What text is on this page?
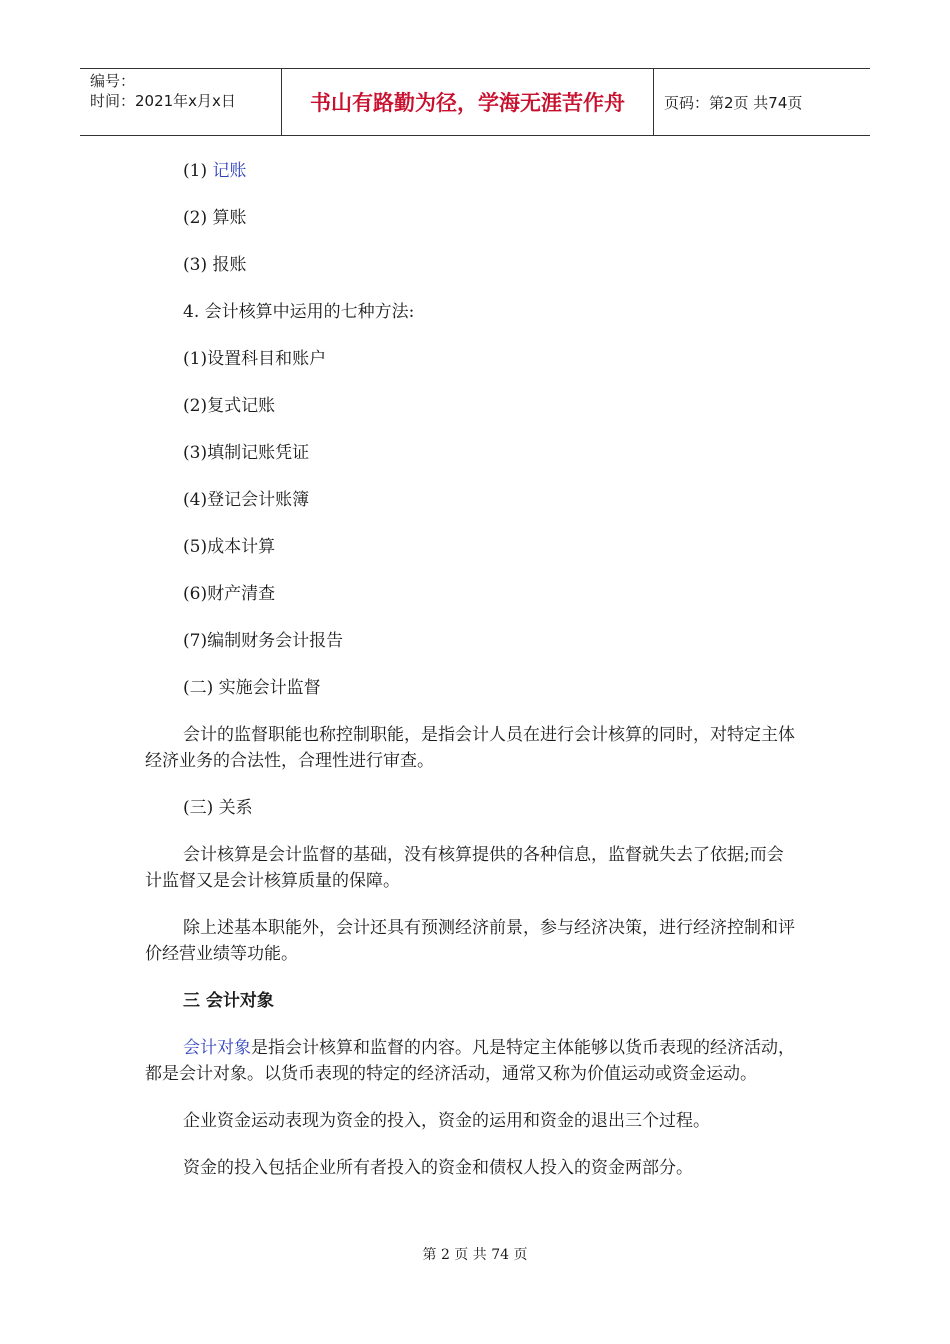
编号：
时间：2021年x月x日	书山有路勤为径，学海无涯苦作舟	页码：第2页 共74页

(1) 记账

(2) 算账

(3) 报账

4. 会计核算中运用的七种方法:

(1)设置科目和账户

(2)复式记账

(3)填制记账凭证

(4)登记会计账簿

(5)成本计算

(6)财产清查

(7)编制财务会计报告

(二) 实施会计监督

会计的监督职能也称控制职能，是指会计人员在进行会计核算的同时，对特定主体经济业务的合法性，合理性进行审查。

(三) 关系

会计核算是会计监督的基础，没有核算提供的各种信息，监督就失去了依据;而会计监督又是会计核算质量的保障。

除上述基本职能外，会计还具有预测经济前景，参与经济决策，进行经济控制和评价经营业绩等功能。

三 会计对象

会计对象是指会计核算和监督的内容。凡是特定主体能够以货币表现的经济活动，都是会计对象。以货币表现的特定的经济活动，通常又称为价值运动或资金运动。

企业资金运动表现为资金的投入，资金的运用和资金的退出三个过程。

资金的投入包括企业所有者投入的资金和债权人投入的资金两部分。

第 2 页 共 74 页
